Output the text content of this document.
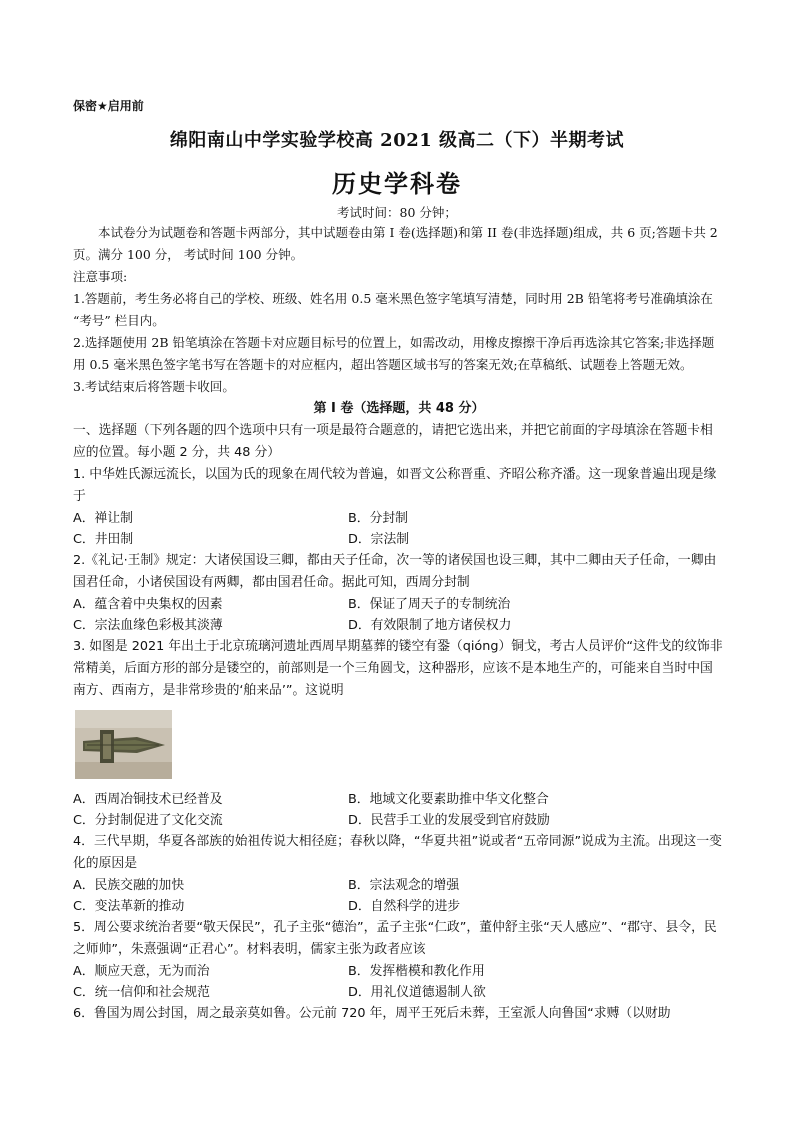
保密★启用前
绵阳南山中学实验学校高 2021 级高二（下）半期考试
历史学科卷
考试时间：80 分钟；

本试卷分为试题卷和答题卡两部分，其中试题卷由第 I 卷(选择题)和第 II 卷(非选择题)组成，共 6 页;答题卡共 2 页。满分 100 分， 考试时间 100 分钟。

注意事项:

1.答题前，考生务必将自己的学校、班级、姓名用 0.5 毫米黑色签字笔填写清楚，同时用 2B 铅笔将考号准确填涂在 “考号” 栏目内。

2.选择题使用 2B 铅笔填涂在答题卡对应题目标号的位置上，如需改动，用橡皮擦擦干净后再选涂其它答案;非选择题用 0.5 毫米黑色签字笔书写在答题卡的对应框内，超出答题区域书写的答案无效;在草稿纸、试题卷上答题无效。

3.考试结束后将答题卡收回。

第 I 卷（选择题，共 48 分）

一、选择题（下列各题的四个选项中只有一项是最符合题意的，请把它选出来，并把它前面的字母填涂在答题卡相应的位置。每小题 2 分，共 48 分）

1. 中华姓氏源远流长，以国为氏的现象在周代较为普遍，如晋文公称晋重、齐昭公称齐潘。这一现象普遍出现是缘于

A．禅让制	B．分封制
C．井田制	D．宗法制

2.《礼记·王制》规定：大诸侯国设三卿，都由天子任命，次一等的诸侯国也设三卿，其中二卿由天子任命，一卿由国君任命，小诸侯国设有两卿，都由国君任命。据此可知，西周分封制

A．蕴含着中央集权的因素	B．保证了周天子的专制统治
C．宗法血缘色彩极其淡薄	D．有效限制了地方诸侯权力

3. 如图是 2021 年出土于北京琉璃河遗址西周早期墓葬的镂空有銎（qióng）铜戈，考古人员评价“这件戈的纹饰非常精美，后面方形的部分是镂空的，前部则是一个三角圆戈，这种器形，应该不是本地生产的，可能来自当时中国南方、西南方，是非常珍贵的‘舶来品’”。这说明

A．西周冶铜技术已经普及	B．地域文化要素助推中华文化整合
C．分封制促进了文化交流	D．民营手工业的发展受到官府鼓励

4．三代早期，华夏各部族的始祖传说大相径庭；春秋以降，“华夏共祖”说或者“五帝同源”说成为主流。出现这一变化的原因是

A．民族交融的加快	B．宗法观念的增强
C．变法革新的推动	D．自然科学的进步

5．周公要求统治者要“敬天保民”，孔子主张“德治”，孟子主张“仁政”，董仲舒主张“天人感应”、“郡守、县令，民之师帅”，朱熹强调“正君心”。材料表明，儒家主张为政者应该

A．顺应天意，无为而治	B．发挥楷模和教化作用
C．统一信仰和社会规范	D．用礼仪道德遏制人欲

6．鲁国为周公封国，周之最亲莫如鲁。公元前 720 年，周平王死后未葬，王室派人向鲁国“求赙（以财助
